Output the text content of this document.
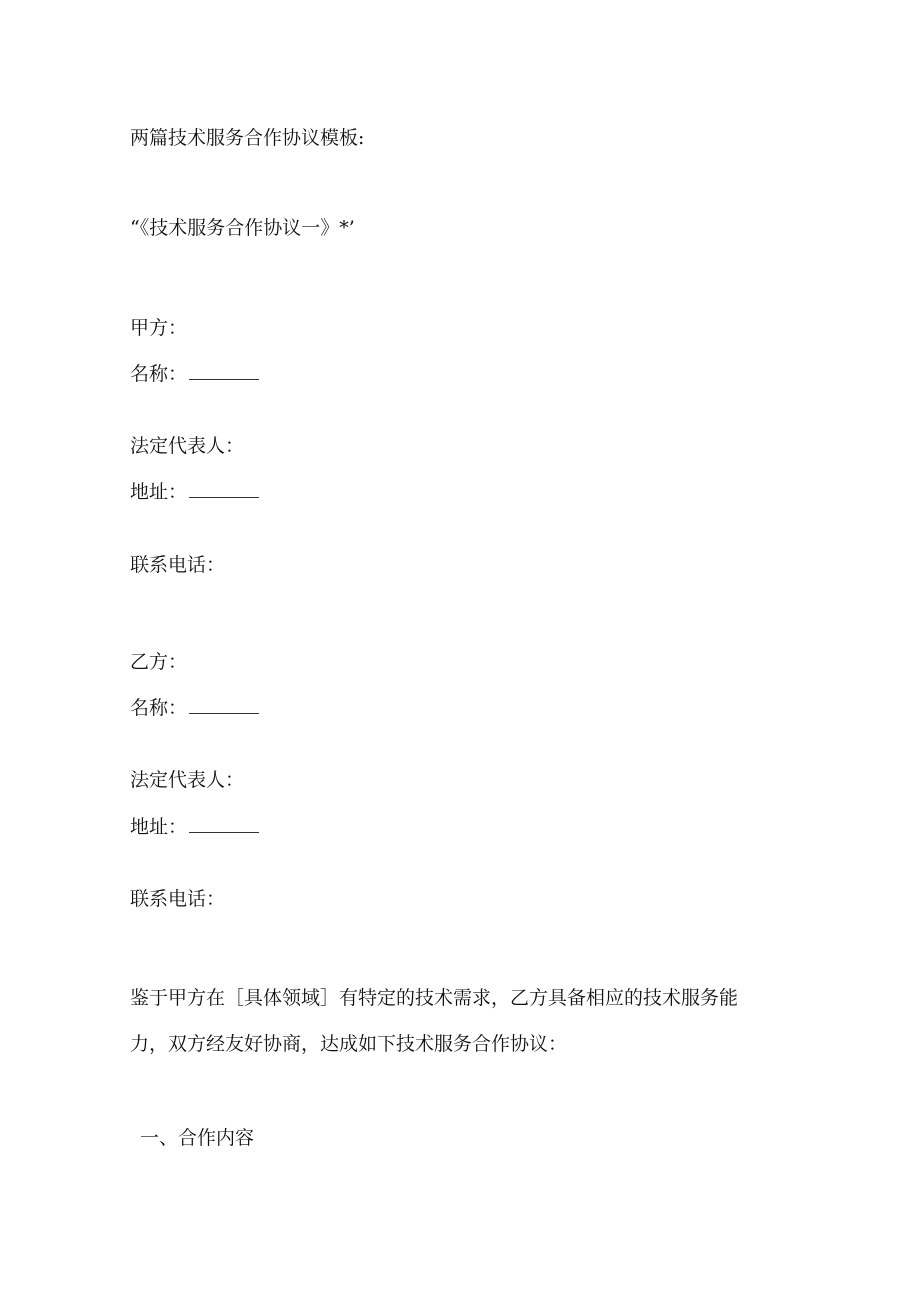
两篇技术服务合作协议模板:
“《技术服务合作协议一》*’
甲方：
名称：
法定代表人：
地址：
联系电话：
乙方：
名称：
法定代表人：
地址：
联系电话：
鉴于甲方在［具体领域］有特定的技术需求，乙方具备相应的技术服务能
力，双方经友好协商，达成如下技术服务合作协议：
一、合作内容
